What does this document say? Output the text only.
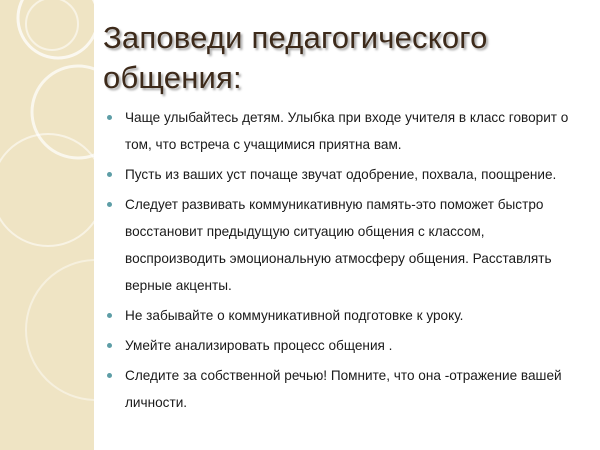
Заповеди педагогического общения:
Чаще улыбайтесь детям. Улыбка при входе учителя в класс говорит о том, что встреча с учащимися приятна вам.
Пусть из ваших уст почаще звучат одобрение, похвала, поощрение.
Следует развивать коммуникативную память-это поможет быстро восстановит предыдущую ситуацию общения с классом, воспроизводить эмоциональную атмосферу общения. Расставлять верные акценты.
Не забывайте о коммуникативной подготовке к уроку.
Умейте анализировать процесс общения .
Следите за собственной речью! Помните, что она -отражение вашей личности.
